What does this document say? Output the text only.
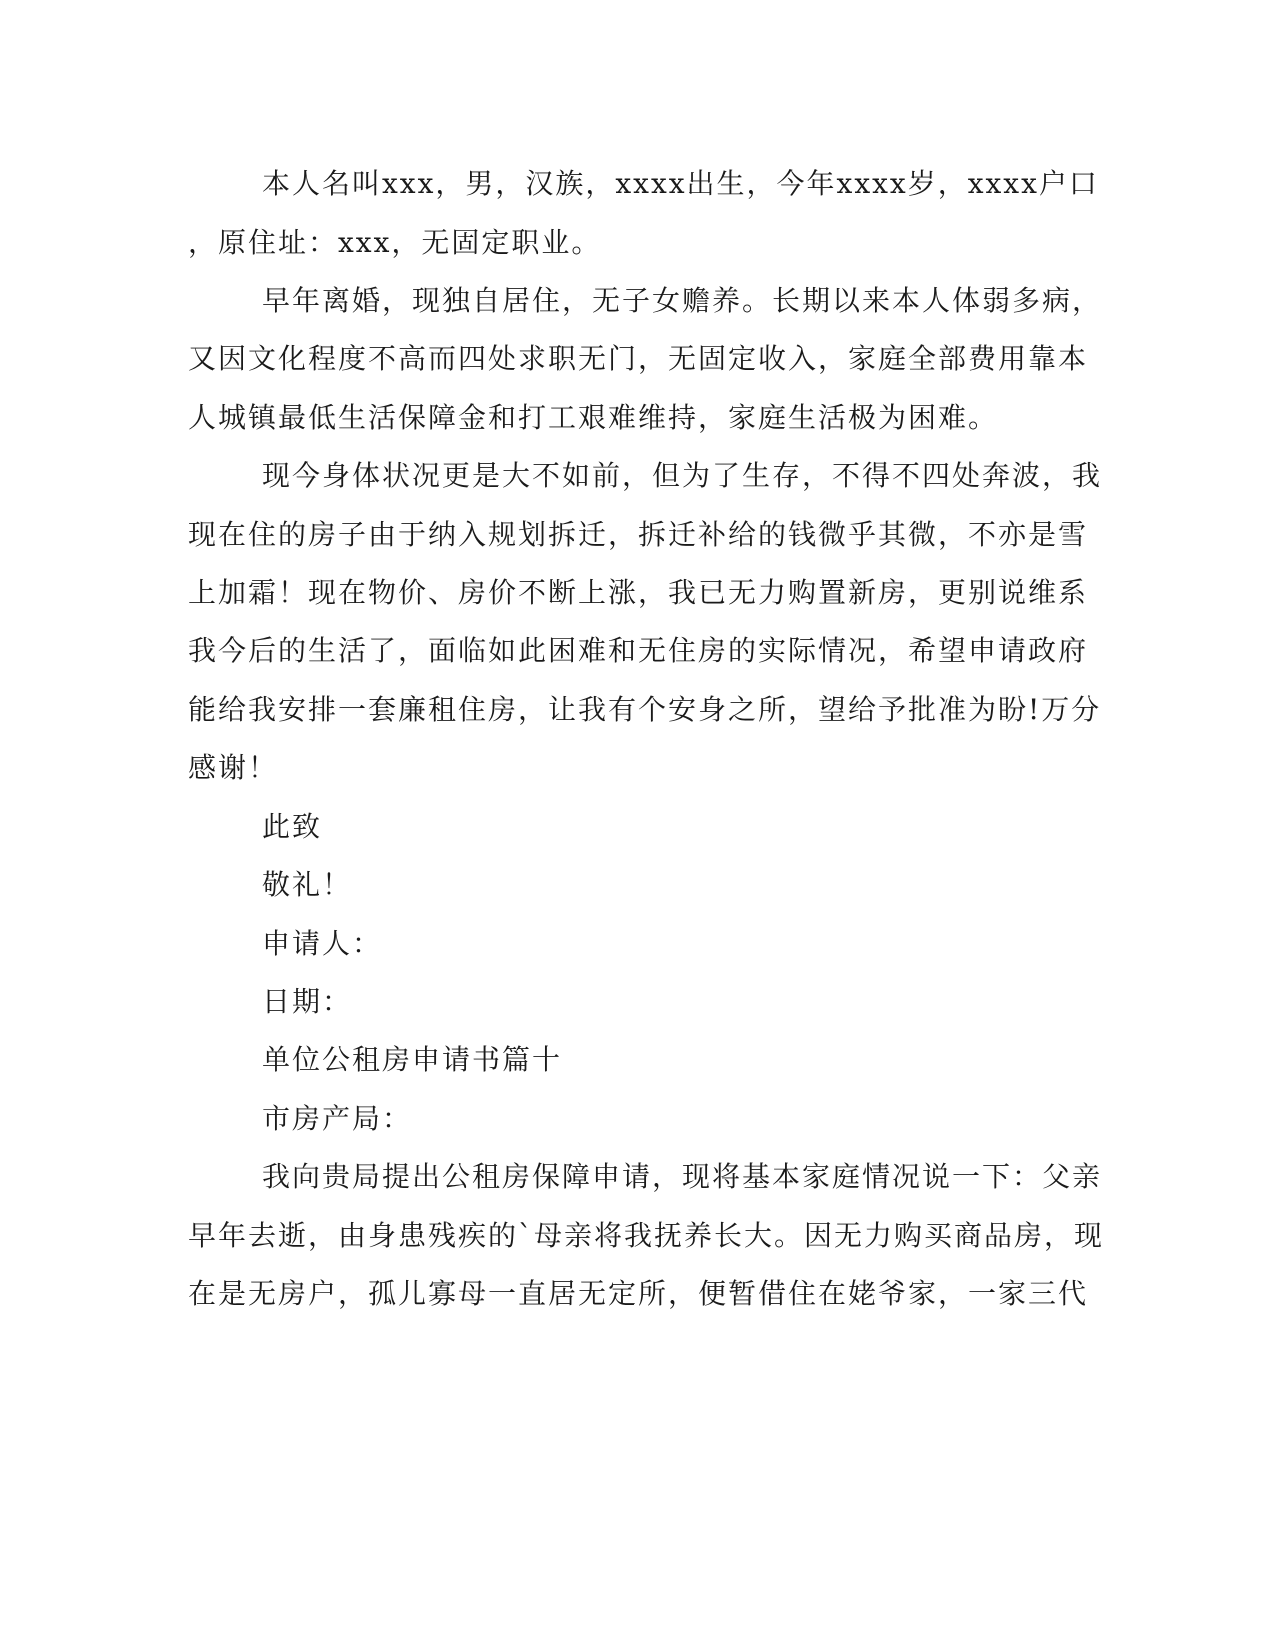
本人名叫xxx，男，汉族，xxxx出生，今年xxxx岁，xxxx户口
，原住址：xxx，无固定职业。
早年离婚，现独自居住，无子女赡养。长期以来本人体弱多病，
又因文化程度不高而四处求职无门，无固定收入，家庭全部费用靠本
人城镇最低生活保障金和打工艰难维持，家庭生活极为困难。
现今身体状况更是大不如前，但为了生存，不得不四处奔波，我
现在住的房子由于纳入规划拆迁，拆迁补给的钱微乎其微，不亦是雪
上加霜！现在物价、房价不断上涨，我已无力购置新房，更别说维系
我今后的生活了，面临如此困难和无住房的实际情况，希望申请政府
能给我安排一套廉租住房，让我有个安身之所，望给予批准为盼!万分
感谢！
此致
敬礼！
申请人：
日期：
单位公租房申请书篇十
市房产局：
我向贵局提出公租房保障申请，现将基本家庭情况说一下：父亲
早年去逝，由身患残疾的`母亲将我抚养长大。因无力购买商品房，现
在是无房户，孤儿寡母一直居无定所，便暂借住在姥爷家，一家三代
